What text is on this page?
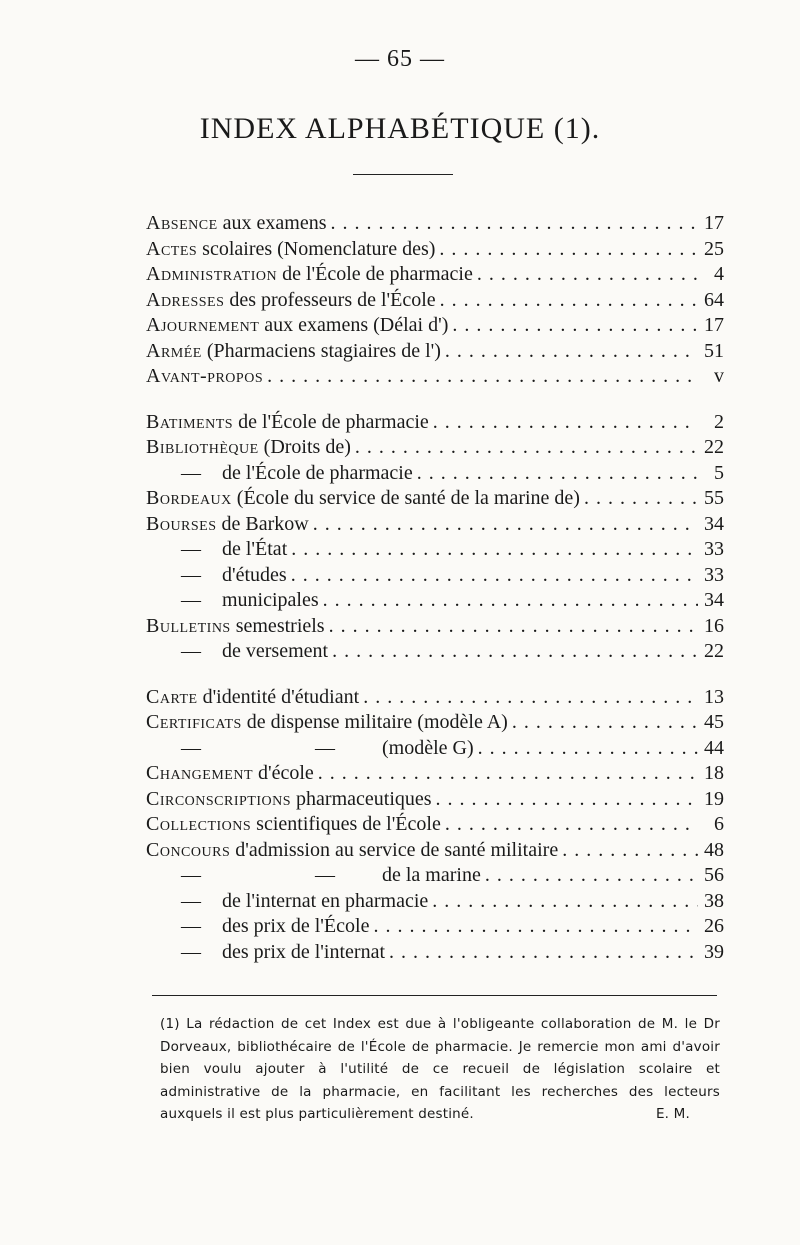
— 65 —
INDEX ALPHABÉTIQUE (1).
Absence aux examens . . .	17
Actes scolaires (Nomenclature des) . . .	25
Administration de l'École de pharmacie . . .	4
Adresses des professeurs de l'École . . .	64
Ajournement aux examens (Délai d') . . .	17
Armée (Pharmaciens stagiaires de l') . . .	51
Avant-propos . . .	v
Batiments de l'École de pharmacie . . .	2
Bibliothèque (Droits de) . . .	22
— de l'École de pharmacie . . .	5
Bordeaux (École du service de santé de la marine de) . . .	55
Bourses de Barkow . . .	34
— de l'État . . .	33
— d'études . . .	33
— municipales . . .	34
Bulletins semestriels . . .	16
— de versement . . .	22
Carte d'identité d'étudiant . . .	13
Certificats de dispense militaire (modèle A) . . .	45
—	— (modèle G) . . .	44
Changement d'école . . .	18
Circonscriptions pharmaceutiques . . .	19
Collections scientifiques de l'École . . .	6
Concours d'admission au service de santé militaire . . .	48
—	— de la marine . . .	56
— de l'internat en pharmacie . . .	38
— des prix de l'École . . .	26
— des prix de l'internat . . .	39
(1) La rédaction de cet Index est due à l'obligeante collaboration de M. le Dr Dorveaux, bibliothécaire de l'École de pharmacie. Je remercie mon ami d'avoir bien voulu ajouter à l'utilité de ce recueil de législation scolaire et administrative de la pharmacie, en facilitant les recherches des lecteurs auxquels il est plus particulièrement destiné.	E. M.
